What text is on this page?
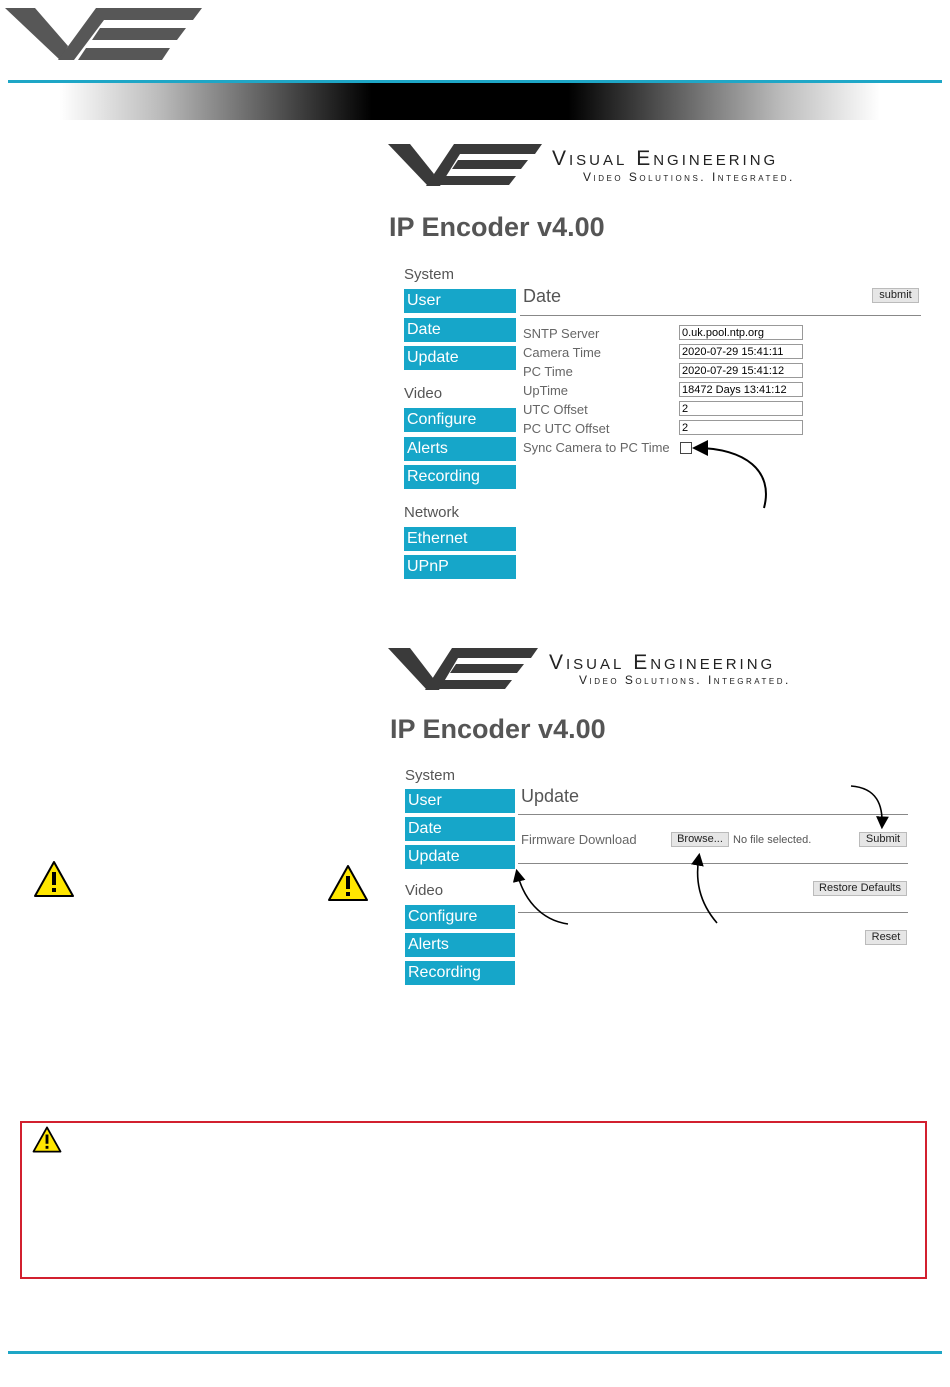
Visual Engineering
Video Solutions. Integrated.
IP Encoder v4.00
System
User
Date
Update
Video
Configure
Alerts
Recording
Network
Ethernet
UPnP
Date	submit
SNTP Server	0.uk.pool.ntp.org
Camera Time	2020-07-29 15:41:11
PC Time	2020-07-29 15:41:12
UpTime	18472 Days 13:41:12
UTC Offset	2
PC UTC Offset	2
Sync Camera to PC Time
Visual Engineering
Video Solutions. Integrated.
IP Encoder v4.00
System
User
Date
Update
Video
Configure
Alerts
Recording
Update
Firmware Download	Browse... No file selected.	Submit
Restore Defaults
Reset
